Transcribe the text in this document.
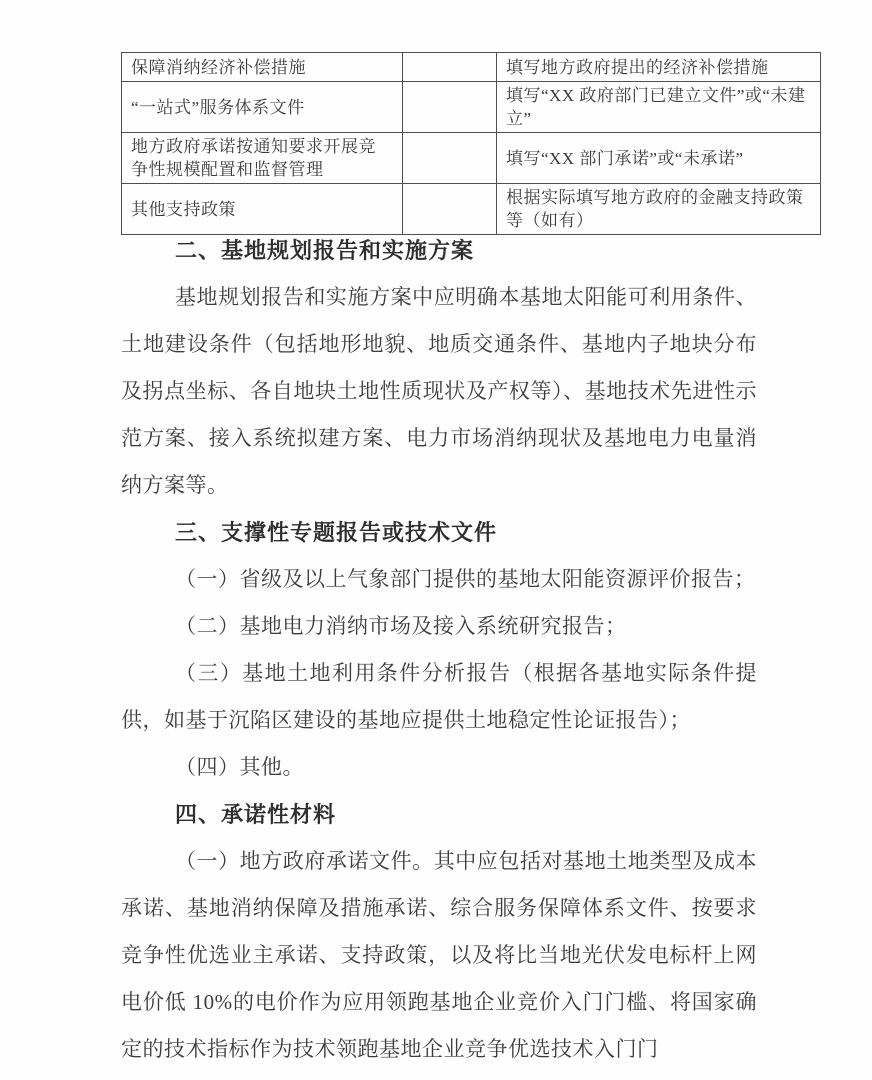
保障消纳经济补偿措施		填写地方政府提出的经济补偿措施
“一站式”服务体系文件		填写“XX 政府部门已建立文件”或“未建立”
地方政府承诺按通知要求开展竞争性规模配置和监督管理		填写“XX 部门承诺”或“未承诺”
其他支持政策		根据实际填写地方政府的金融支持政策等（如有）
二、基地规划报告和实施方案

基地规划报告和实施方案中应明确本基地太阳能可利用条件、土地建设条件（包括地形地貌、地质交通条件、基地内子地块分布及拐点坐标、各自地块土地性质现状及产权等）、基地技术先进性示范方案、接入系统拟建方案、电力市场消纳现状及基地电力电量消纳方案等。

三、支撑性专题报告或技术文件

（一）省级及以上气象部门提供的基地太阳能资源评价报告；

（二）基地电力消纳市场及接入系统研究报告；

（三）基地土地利用条件分析报告（根据各基地实际条件提供，如基于沉陷区建设的基地应提供土地稳定性论证报告）；

（四）其他。

四、承诺性材料

（一）地方政府承诺文件。其中应包括对基地土地类型及成本承诺、基地消纳保障及措施承诺、综合服务保障体系文件、按要求竞争性优选业主承诺、支持政策，以及将比当地光伏发电标杆上网电价低 10%的电价作为应用领跑基地企业竞价入门门槛、将国家确定的技术指标作为技术领跑基地企业竞争优选技术入门门
